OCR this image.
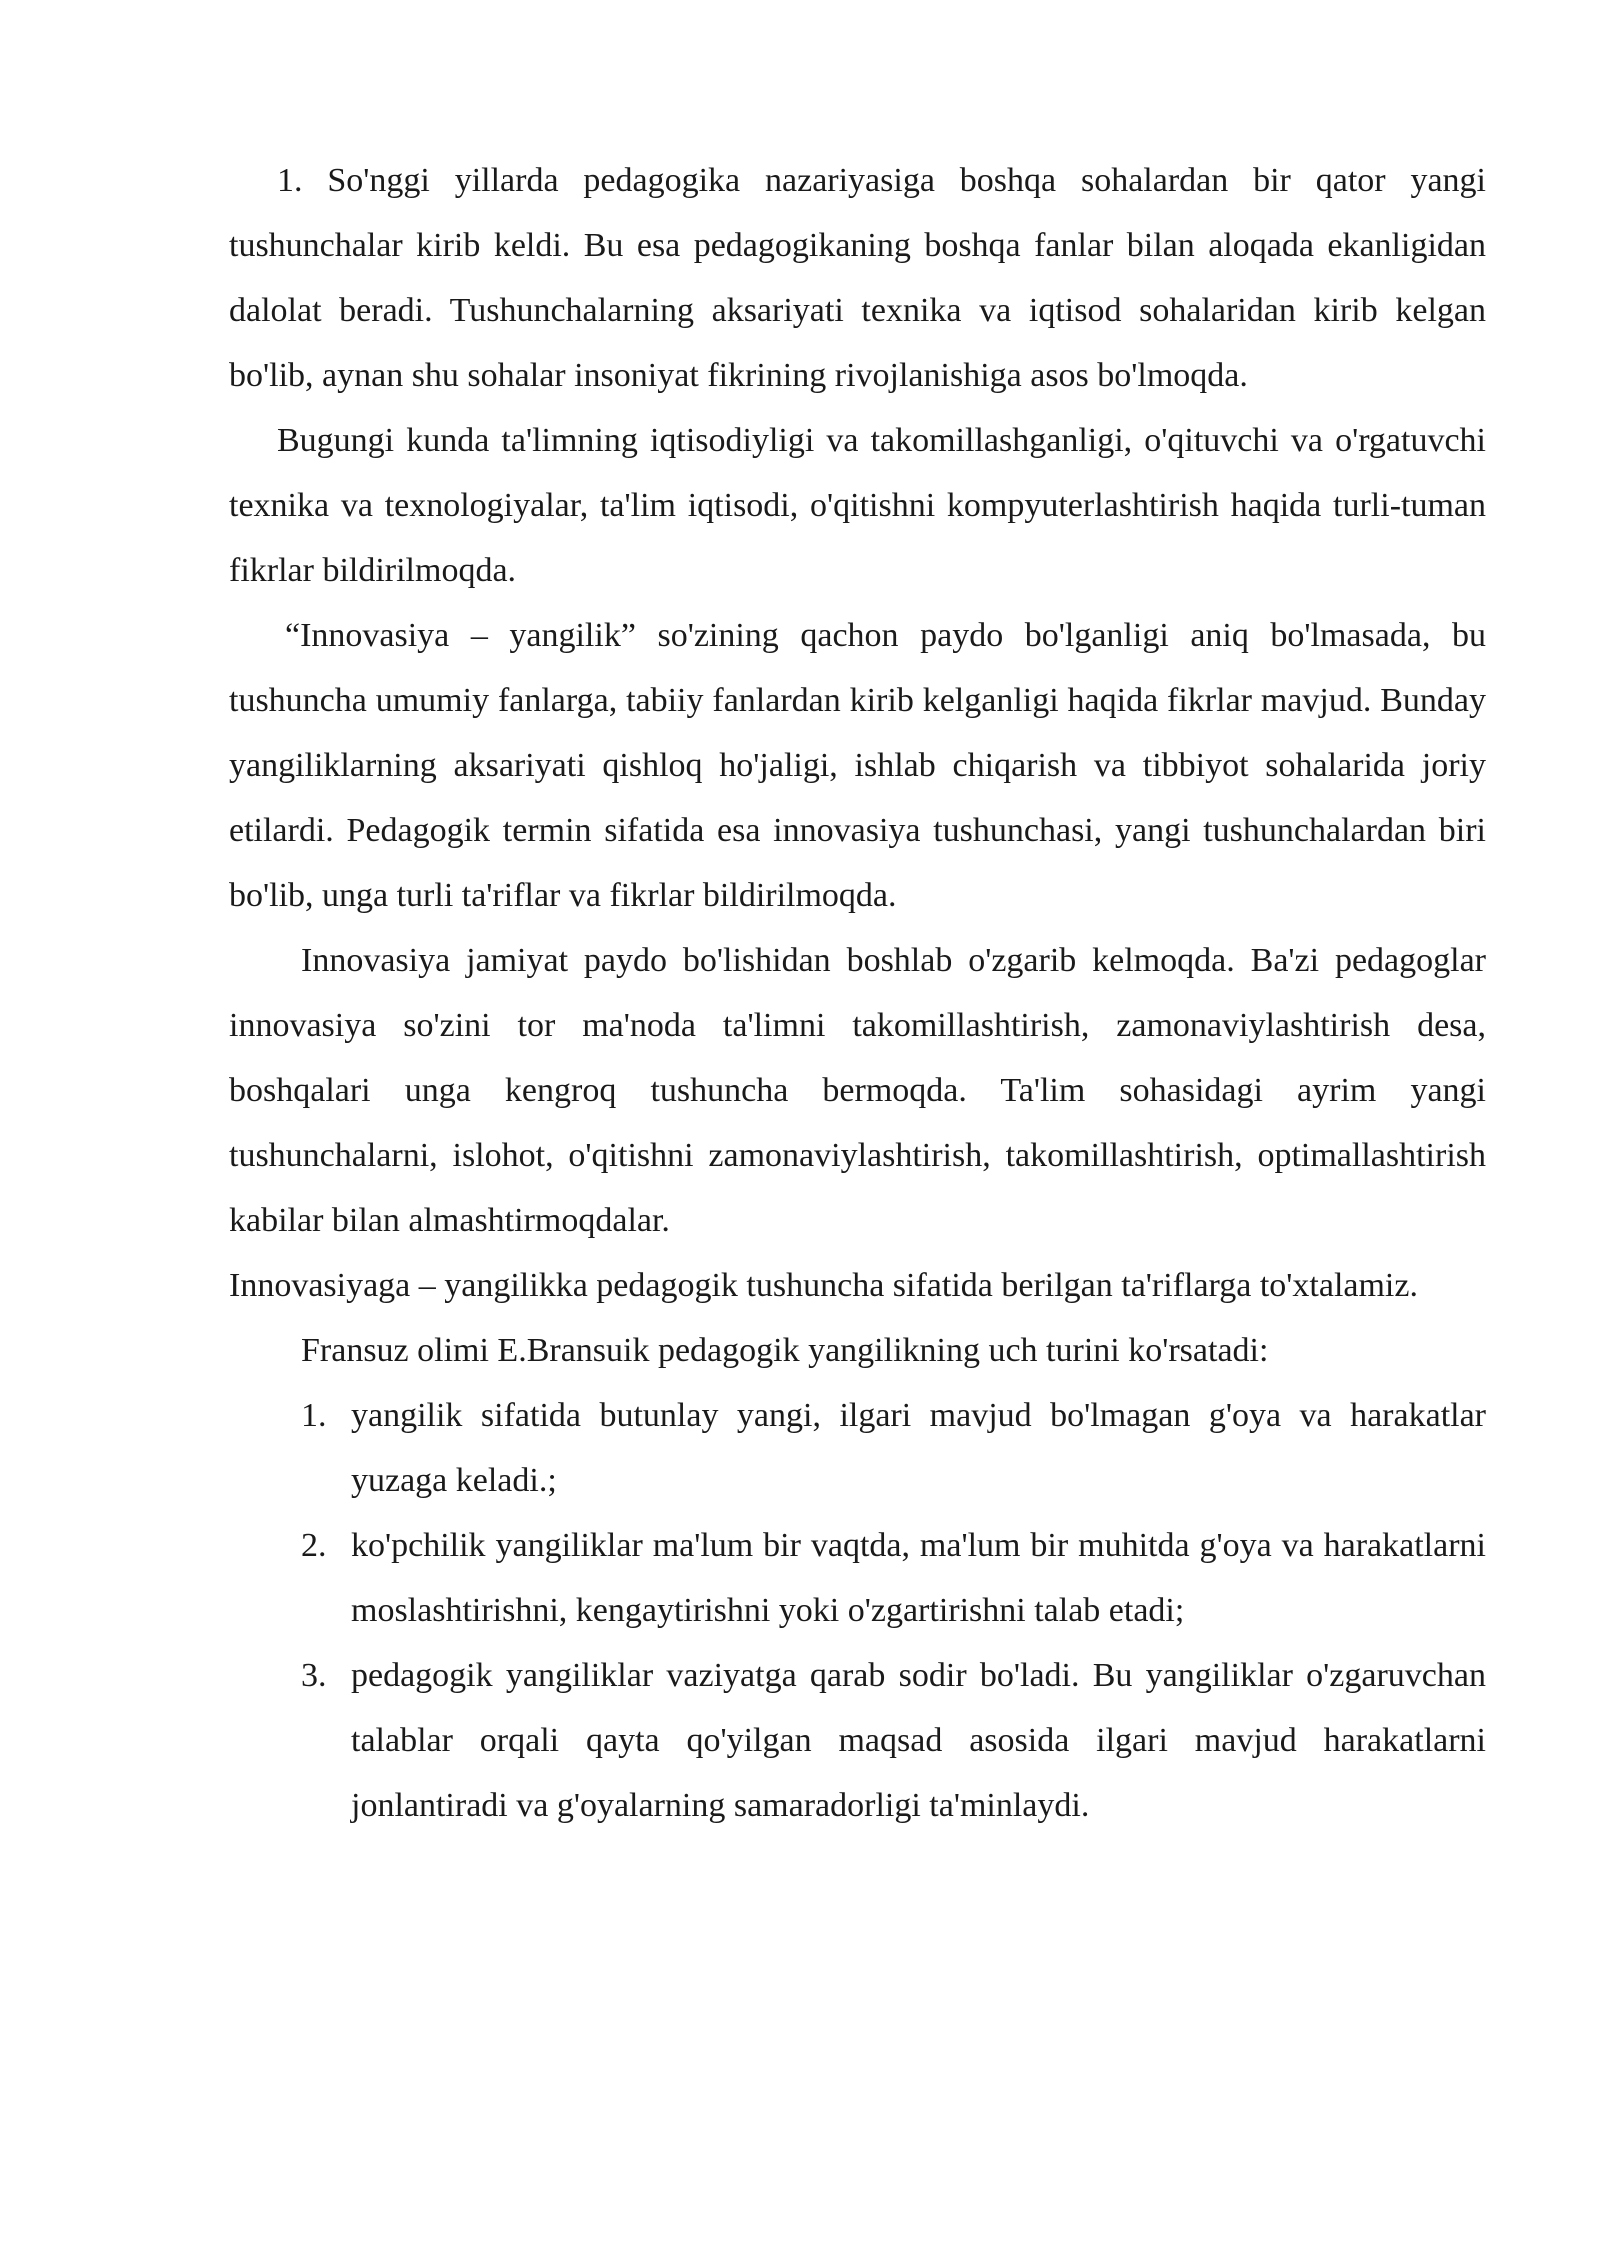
1. So'nggi yillarda pedagogika nazariyasiga boshqa sohalardan bir qator yangi tushunchalar kirib keldi. Bu esa pedagogikaning boshqa fanlar bilan aloqada ekanligidan dalolat beradi. Tushunchalarning aksariyati texnika va iqtisod sohalaridan kirib kelgan bo'lib, aynan shu sohalar insoniyat fikrining rivojlanishiga asos bo'lmoqda.

Bugungi kunda ta'limning iqtisodiyligi va takomillashganligi, o'qituvchi va o'rgatuvchi texnika va texnologiyalar, ta'lim iqtisodi, o'qitishni kompyuterlashtirish haqida turli-tuman fikrlar bildirilmoqda.

“Innovasiya – yangilik” so'zining qachon paydo bo'lganligi aniq bo'lmasada, bu tushuncha umumiy fanlarga, tabiiy fanlardan kirib kelganligi haqida fikrlar mavjud. Bunday yangiliklarning aksariyati qishloq ho'jaligi, ishlab chiqarish va tibbiyot sohalarida joriy etilardi. Pedagogik termin sifatida esa innovasiya tushunchasi, yangi tushunchalardan biri bo'lib, unga turli ta'riflar va fikrlar bildirilmoqda.

Innovasiya jamiyat paydo bo'lishidan boshlab o'zgarib kelmoqda. Ba'zi pedagoglar innovasiya so'zini tor ma'noda ta'limni takomillashtirish, zamonaviylashtirish desa, boshqalari unga kengroq tushuncha bermoqda. Ta'lim sohasidagi ayrim yangi tushunchalarni, islohot, o'qitishni zamonaviylashtirish, takomillashtirish, optimallashtirish kabilar bilan almashtirmoqdalar.

Innovasiyaga – yangilikka pedagogik tushuncha sifatida berilgan ta'riflarga to'xtalamiz.

Fransuz olimi E.Bransuik pedagogik yangilikning uch turini ko'rsatadi:

1. yangilik sifatida butunlay yangi, ilgari mavjud bo'lmagan g'oya va harakatlar yuzaga keladi.;
2. ko'pchilik yangiliklar ma'lum bir vaqtda, ma'lum bir muhitda g'oya va harakatlarni moslashtirishni, kengaytirishni yoki o'zgartirishni talab etadi;
3. pedagogik yangiliklar vaziyatga qarab sodir bo'ladi. Bu yangiliklar o'zgaruvchan talablar orqali qayta qo'yilgan maqsad asosida ilgari mavjud harakatlarni jonlantiradi va g'oyalarning samaradorligi ta'minlaydi.
